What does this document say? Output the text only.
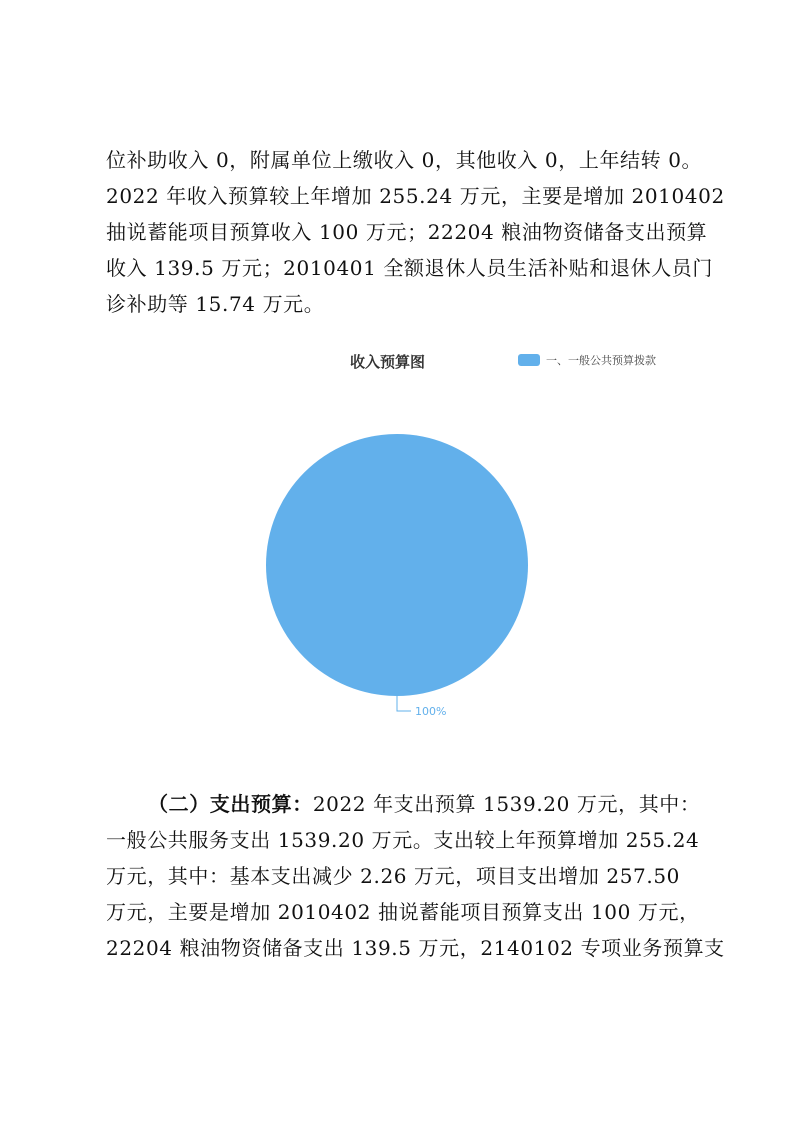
位补助收入 0，附属单位上缴收入 0，其他收入 0，上年结转 0。
2022 年收入预算较上年增加 255.24 万元，主要是增加 2010402
抽说蓄能项目预算收入 100 万元；22204 粮油物资储备支出预算
收入 139.5 万元；2010401 全额退休人员生活补贴和退休人员门
诊补助等 15.74 万元。
收入预算图	一、一般公共预算拨款
100%
（二）支出预算：2022 年支出预算 1539.20 万元，其中：
一般公共服务支出 1539.20 万元。支出较上年预算增加 255.24
万元，其中：基本支出减少 2.26 万元，项目支出增加 257.50
万元，主要是增加 2010402 抽说蓄能项目预算支出 100 万元，
22204 粮油物资储备支出 139.5 万元，2140102 专项业务预算支
